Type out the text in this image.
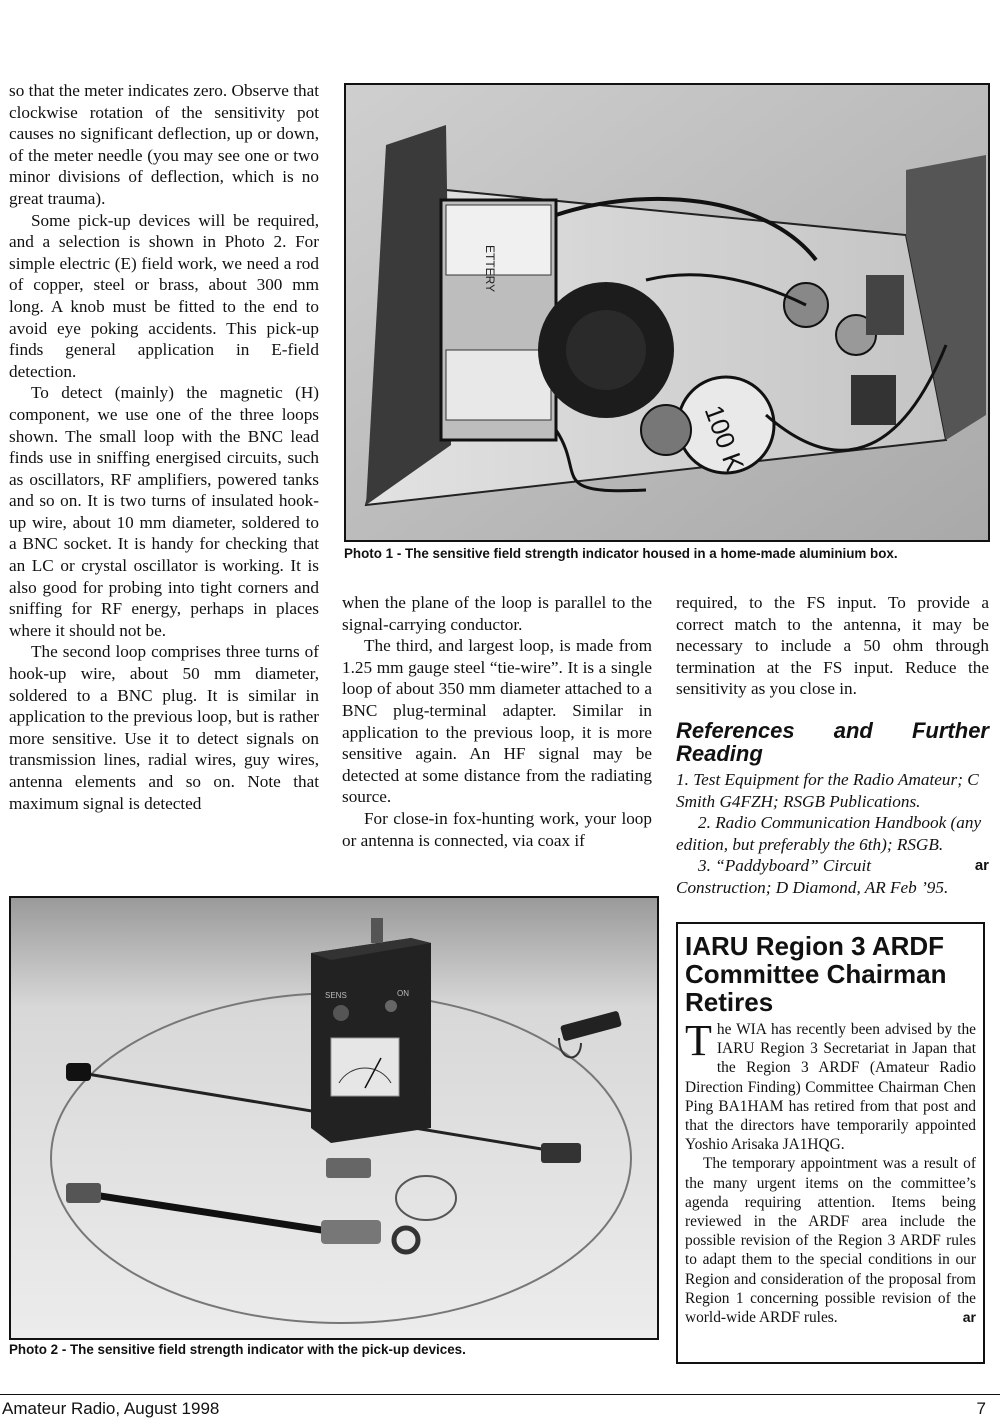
so that the meter indicates zero. Observe that clockwise rotation of the sensitivity pot causes no significant deflection, up or down, of the meter needle (you may see one or two minor divisions of deflection, which is no great trauma).

Some pick-up devices will be required, and a selection is shown in Photo 2. For simple electric (E) field work, we need a rod of copper, steel or brass, about 300 mm long. A knob must be fitted to the end to avoid eye poking accidents. This pick-up finds general application in E-field detection.

To detect (mainly) the magnetic (H) component, we use one of the three loops shown. The small loop with the BNC lead finds use in sniffing energised circuits, such as oscillators, RF amplifiers, powered tanks and so on. It is two turns of insulated hook-up wire, about 10 mm diameter, soldered to a BNC socket. It is handy for checking that an LC or crystal oscillator is working. It is also good for probing into tight corners and sniffing for RF energy, perhaps in places where it should not be.

The second loop comprises three turns of hook-up wire, about 50 mm diameter, soldered to a BNC plug. It is similar in application to the previous loop, but is rather more sensitive. Use it to detect signals on transmission lines, radial wires, guy wires, antenna elements and so on. Note that maximum signal is detected

ETTERY
100 K
Photo 1 - The sensitive field strength indicator housed in a home-made aluminium box.

when the plane of the loop is parallel to the signal-carrying conductor.

The third, and largest loop, is made from 1.25 mm gauge steel “tie-wire”. It is a single loop of about 350 mm diameter attached to a BNC plug-terminal adapter. Similar in application to the previous loop, it is more sensitive again. An HF signal may be detected at some distance from the radiating source.

For close-in fox-hunting work, your loop or antenna is connected, via coax if

required, to the FS input. To provide a correct match to the antenna, it may be necessary to include a 50 ohm through termination at the FS input. Reduce the sensitivity as you close in.

References and Further Reading

1. Test Equipment for the Radio Amateur; C Smith G4FZH; RSGB Publications.

2. Radio Communication Handbook (any edition, but preferably the 6th); RSGB.

ar
3. “Paddyboard” Circuit Construction; D Diamond, AR Feb ’95.

SENS	ON
Photo 2 - The sensitive field strength indicator with the pick-up devices.
IARU Region 3 ARDF Committee Chairman Retires

The WIA has recently been advised by the IARU Region 3 Secretariat in Japan that the Region 3 ARDF (Amateur Radio Direction Finding) Committee Chairman Chen Ping BA1HAM has retired from that post and that the directors have temporarily appointed Yoshio Arisaka JA1HQG.

The temporary appointment was a result of the many urgent items on the committee’s agenda requiring attention. Items being reviewed in the ARDF area include the possible revision of the Region 3 ARDF rules to adapt them to the special conditions in our Region and consideration of the proposal from Region 1 concerning possible revision of the world-wide ARDF rules.	ar

Amateur Radio, August 1998	7
